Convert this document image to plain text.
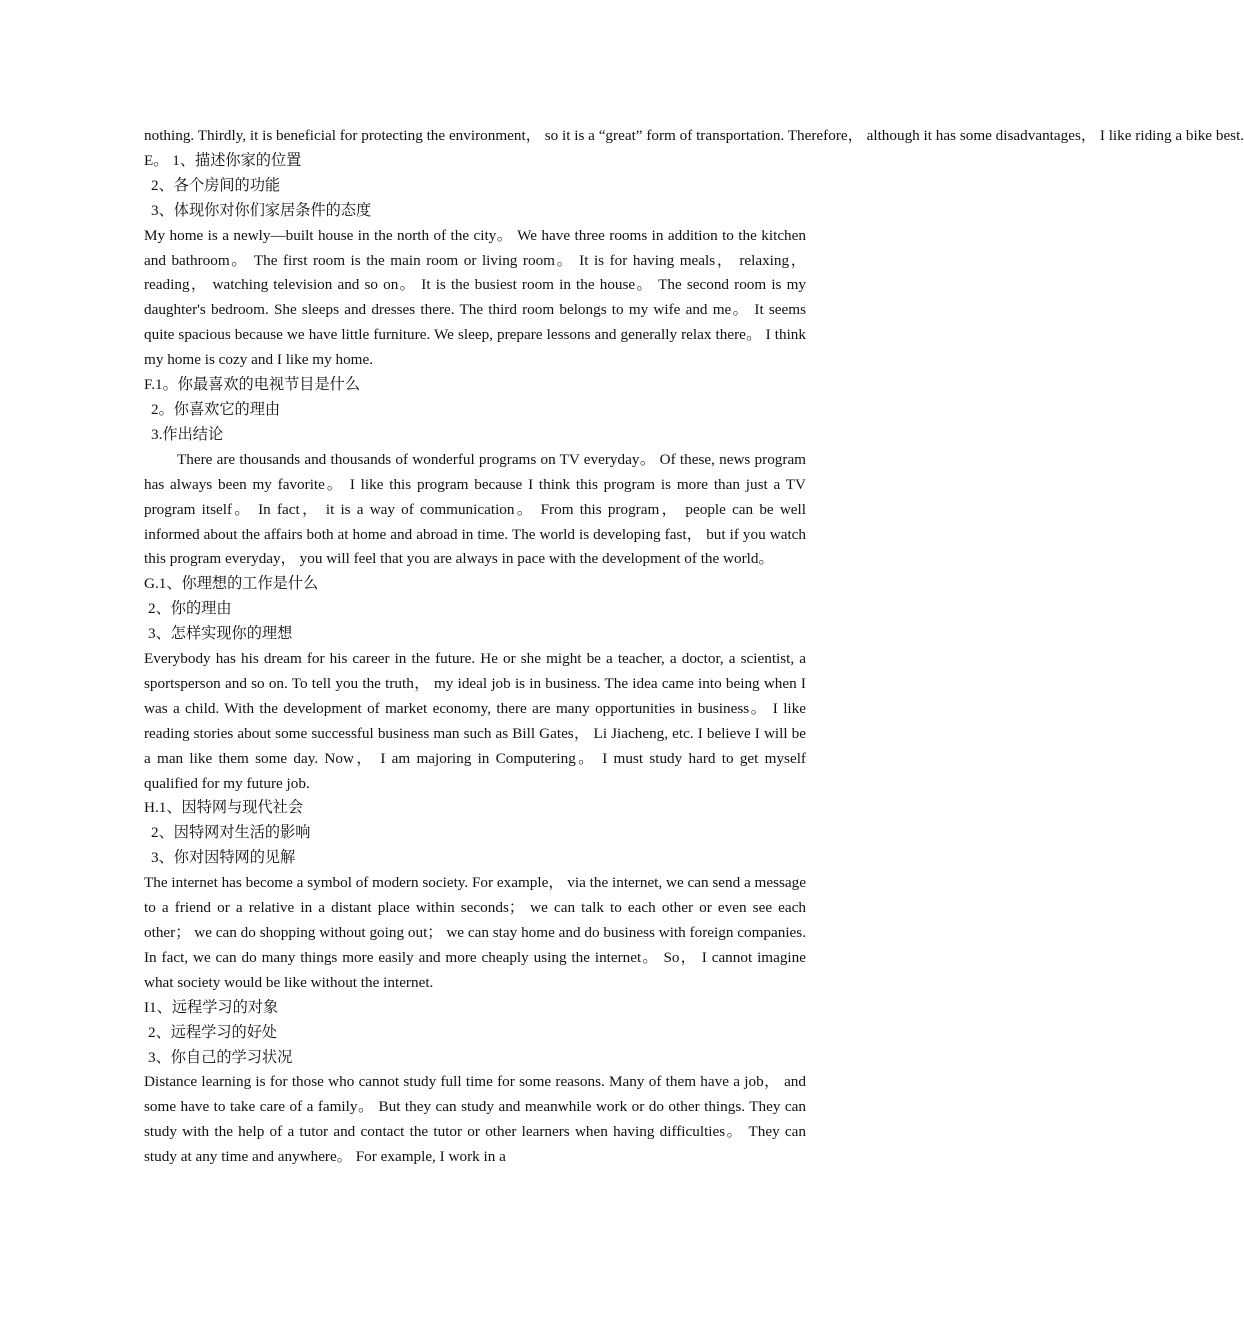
nothing. Thirdly, it is beneficial for protecting the environment， so it is a “great” form of transportation. Therefore， although it has some disadvantages， I like riding a bike best.
E。 1、描述你家的位置
2、各个房间的功能
3、体现你对你们家居条件的态度
My home is a newly—built house in the north of the city。 We have three rooms in addition to the kitchen and bathroom。 The first room is the main room or living room。 It is for having meals， relaxing， reading， watching television and so on。 It is the busiest room in the house。 The second room is my daughter's bedroom. She sleeps and dresses there. The third room belongs to my wife and me。 It seems quite spacious because we have little furniture. We sleep, prepare lessons and generally relax there。 I think my home is cozy and I like my home.
F.1。你最喜欢的电视节目是什么
2。你喜欢它的理由
3.作出结论
There are thousands and thousands of wonderful programs on TV everyday。 Of these, news program has always been my favorite。 I like this program because I think this program is more than just a TV program itself。 In fact， it is a way of communication。 From this program， people can be well informed about the affairs both at home and abroad in time. The world is developing fast， but if you watch this program everyday， you will feel that you are always in pace with the development of the world。
G.1、你理想的工作是什么
2、你的理由
3、怎样实现你的理想
Everybody has his dream for his career in the future. He or she might be a teacher, a doctor, a scientist, a sportsperson and so on. To tell you the truth， my ideal job is in business. The idea came into being when I was a child. With the development of market economy, there are many opportunities in business。 I like reading stories about some successful business man such as Bill Gates， Li Jiacheng, etc. I believe I will be a man like them some day. Now， I am majoring in Computering。 I must study hard to get myself qualified for my future job.
H.1、因特网与现代社会
2、因特网对生活的影响
3、你对因特网的见解
The internet has become a symbol of modern society. For example， via the internet, we can send a message to a friend or a relative in a distant place within seconds； we can talk to each other or even see each other； we can do shopping without going out； we can stay home and do business with foreign companies. In fact, we can do many things more easily and more cheaply using the internet。 So， I cannot imagine what society would be like without the internet.
I1、远程学习的对象
2、远程学习的好处
3、你自己的学习状况
Distance learning is for those who cannot study full time for some reasons. Many of them have a job， and some have to take care of a family。 But they can study and meanwhile work or do other things. They can study with the help of a tutor and contact the tutor or other learners when having difficulties。 They can study at any time and anywhere。 For example, I work in a
